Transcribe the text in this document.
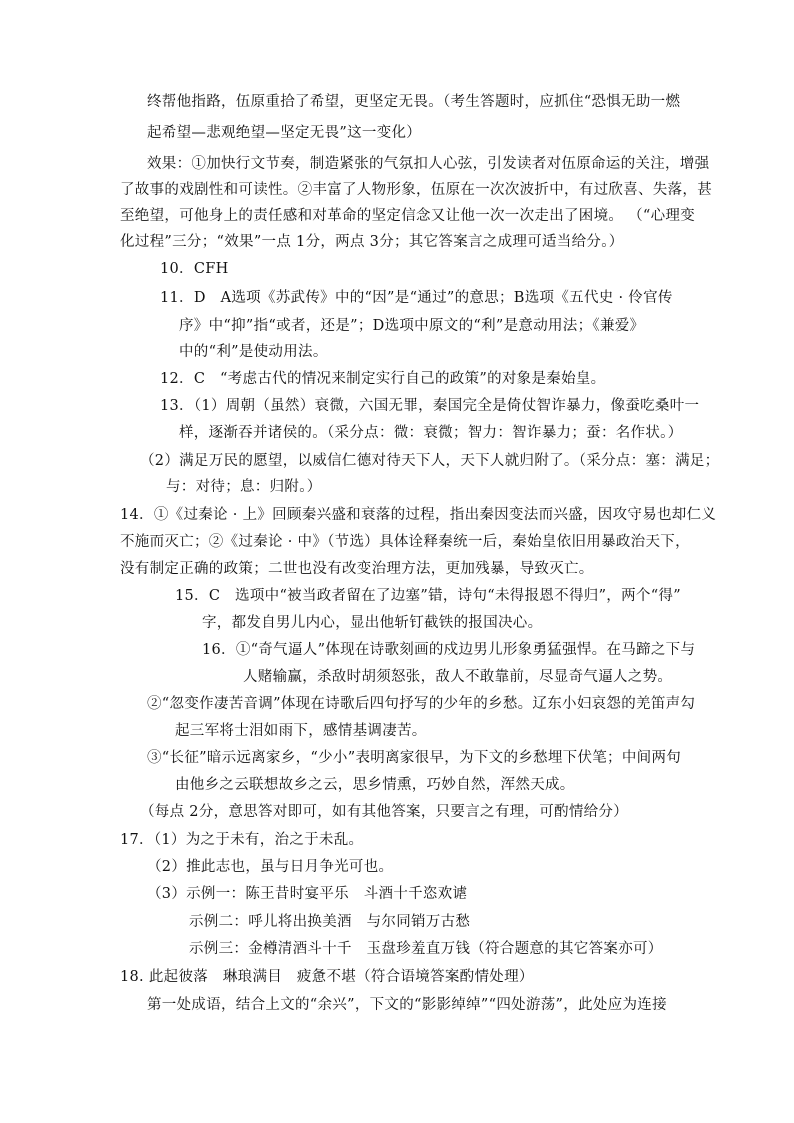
终帮他指路，伍原重拾了希望，更坚定无畏。（考生答题时，应抓住“恐惧无助一燃
起希望—悲观绝望—坚定无畏”这一变化）
效果：①加快行文节奏，制造紧张的气氛扣人心弦，引发读者对伍原命运的关注，增强
了故事的戏剧性和可读性。②丰富了人物形象，伍原在一次次波折中，有过欣喜、失落，甚
至绝望，可他身上的责任感和对革命的坚定信念又让他一次一次走出了困境。 （“心理变
化过程”三分；“效果”一点 1分，两点 3分；其它答案言之成理可适当给分。）
10．CFH
11．D　A选项《苏武传》中的“因”是“通过”的意思；B选项《五代史 · 伶官传
序》中“抑”指“或者，还是”；D选项中原文的“利”是意动用法；《兼爱》
中的“利”是使动用法。
12．C　“考虑古代的情况来制定实行自己的政策”的对象是秦始皇。
13．（1）周朝（虽然）衰微，六国无罪，秦国完全是倚仗智诈暴力，像蚕吃桑叶一
样，逐渐吞并诸侯的。（采分点：微：衰微；智力：智诈暴力；蚕：名作状。）
（2）满足万民的愿望，以威信仁德对待天下人，天下人就归附了。（采分点：塞：满足；
与：对待；息：归附。）
14．①《过秦论 · 上》回顾秦兴盛和衰落的过程，指出秦因变法而兴盛，因攻守易也却仁义
不施而灭亡；②《过秦论 · 中》（节选）具体诠释秦统一后，秦始皇依旧用暴政治天下，
没有制定正确的政策；二世也没有改变治理方法，更加残暴，导致灭亡。
15．C　选项中“被当政者留在了边塞”错，诗句“未得报恩不得归”，两个“得”
字，都发自男儿内心，显出他斩钉截铁的报国决心。
16．①“奇气逼人”体现在诗歌刻画的戍边男儿形象勇猛强悍。在马蹄之下与
人赌输赢，杀敌时胡须怒张，敌人不敢靠前，尽显奇气逼人之势。
②“忽变作凄苦音调”体现在诗歌后四句抒写的少年的乡愁。辽东小妇哀怨的羌笛声勾
起三军将士泪如雨下，感情基调凄苦。
③“长征”暗示远离家乡，“少小”表明离家很早，为下文的乡愁埋下伏笔；中间两句
由他乡之云联想故乡之云，思乡情熏，巧妙自然，浑然天成。
（每点 2分，意思答对即可，如有其他答案，只要言之有理，可酌情给分）
17．（1）为之于未有，治之于未乱。
（2）推此志也，虽与日月争光可也。
（3）示例一：陈王昔时宴平乐　斗酒十千恣欢谑
示例二：呼儿将出换美酒　与尔同销万古愁
示例三：金樽清酒斗十千　玉盘珍羞直万钱（符合题意的其它答案亦可）
18. 此起彼落　琳琅满目　疲惫不堪（符合语境答案酌情处理）
第一处成语，结合上文的“余兴”，下文的“影影绰绰”“四处游荡”，此处应为连接
